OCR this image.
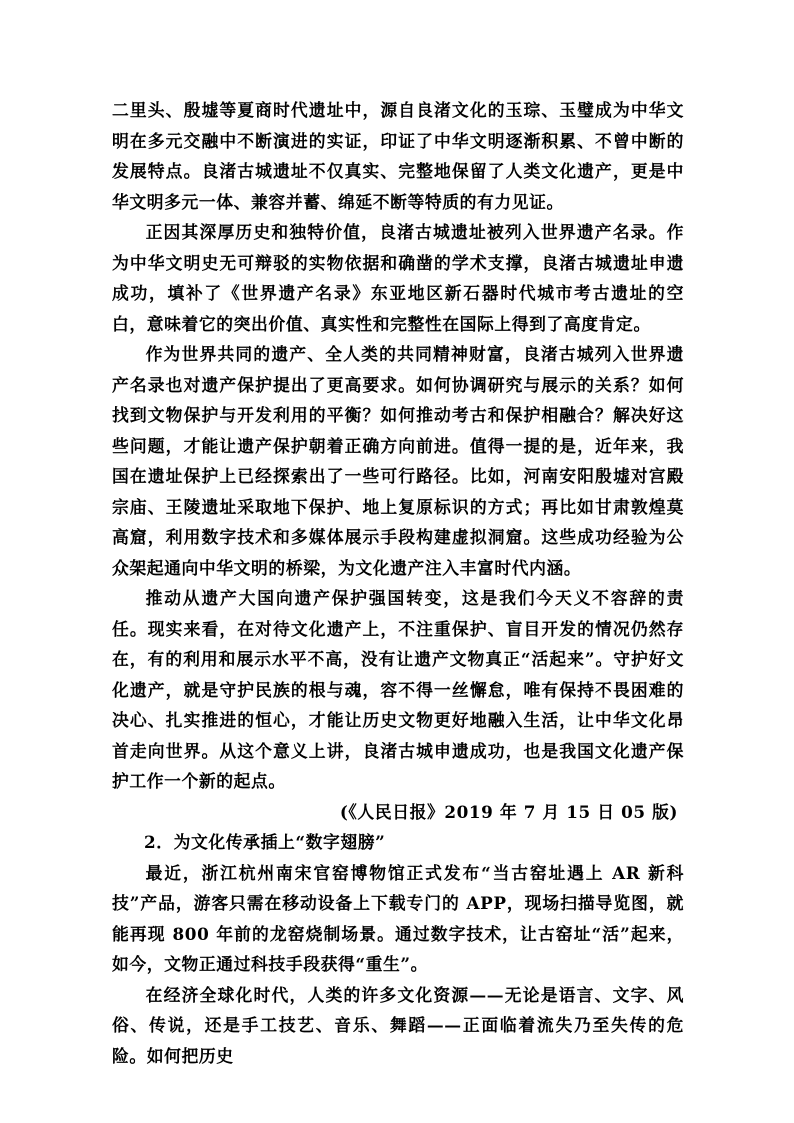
二里头、殷墟等夏商时代遗址中，源自良渚文化的玉琮、玉璧成为中华文明在多元交融中不断演进的实证，印证了中华文明逐渐积累、不曾中断的发展特点。良渚古城遗址不仅真实、完整地保留了人类文化遗产，更是中华文明多元一体、兼容并蓄、绵延不断等特质的有力见证。

正因其深厚历史和独特价值，良渚古城遗址被列入世界遗产名录。作为中华文明史无可辩驳的实物依据和确凿的学术支撑，良渚古城遗址申遗成功，填补了《世界遗产名录》东亚地区新石器时代城市考古遗址的空白，意味着它的突出价值、真实性和完整性在国际上得到了高度肯定。

作为世界共同的遗产、全人类的共同精神财富，良渚古城列入世界遗产名录也对遗产保护提出了更高要求。如何协调研究与展示的关系？如何找到文物保护与开发利用的平衡？如何推动考古和保护相融合？解决好这些问题，才能让遗产保护朝着正确方向前进。值得一提的是，近年来，我国在遗址保护上已经探索出了一些可行路径。比如，河南安阳殷墟对宫殿宗庙、王陵遗址采取地下保护、地上复原标识的方式；再比如甘肃敦煌莫高窟，利用数字技术和多媒体展示手段构建虚拟洞窟。这些成功经验为公众架起通向中华文明的桥梁，为文化遗产注入丰富时代内涵。

推动从遗产大国向遗产保护强国转变，这是我们今天义不容辞的责任。现实来看，在对待文化遗产上，不注重保护、盲目开发的情况仍然存在，有的利用和展示水平不高，没有让遗产文物真正“活起来”。守护好文化遗产，就是守护民族的根与魂，容不得一丝懈怠，唯有保持不畏困难的决心、扎实推进的恒心，才能让历史文物更好地融入生活，让中华文化昂首走向世界。从这个意义上讲，良渚古城申遗成功，也是我国文化遗产保护工作一个新的起点。

(《人民日报》2019 年 7 月 15 日 05 版)

2．为文化传承插上“数字翅膀”

最近，浙江杭州南宋官窑博物馆正式发布“当古窑址遇上 AR 新科技”产品，游客只需在移动设备上下载专门的 APP，现场扫描导览图，就能再现 800 年前的龙窑烧制场景。通过数字技术，让古窑址“活”起来，如今，文物正通过科技手段获得“重生”。

在经济全球化时代，人类的许多文化资源——无论是语言、文字、风俗、传说，还是手工技艺、音乐、舞蹈——正面临着流失乃至失传的危险。如何把历史
